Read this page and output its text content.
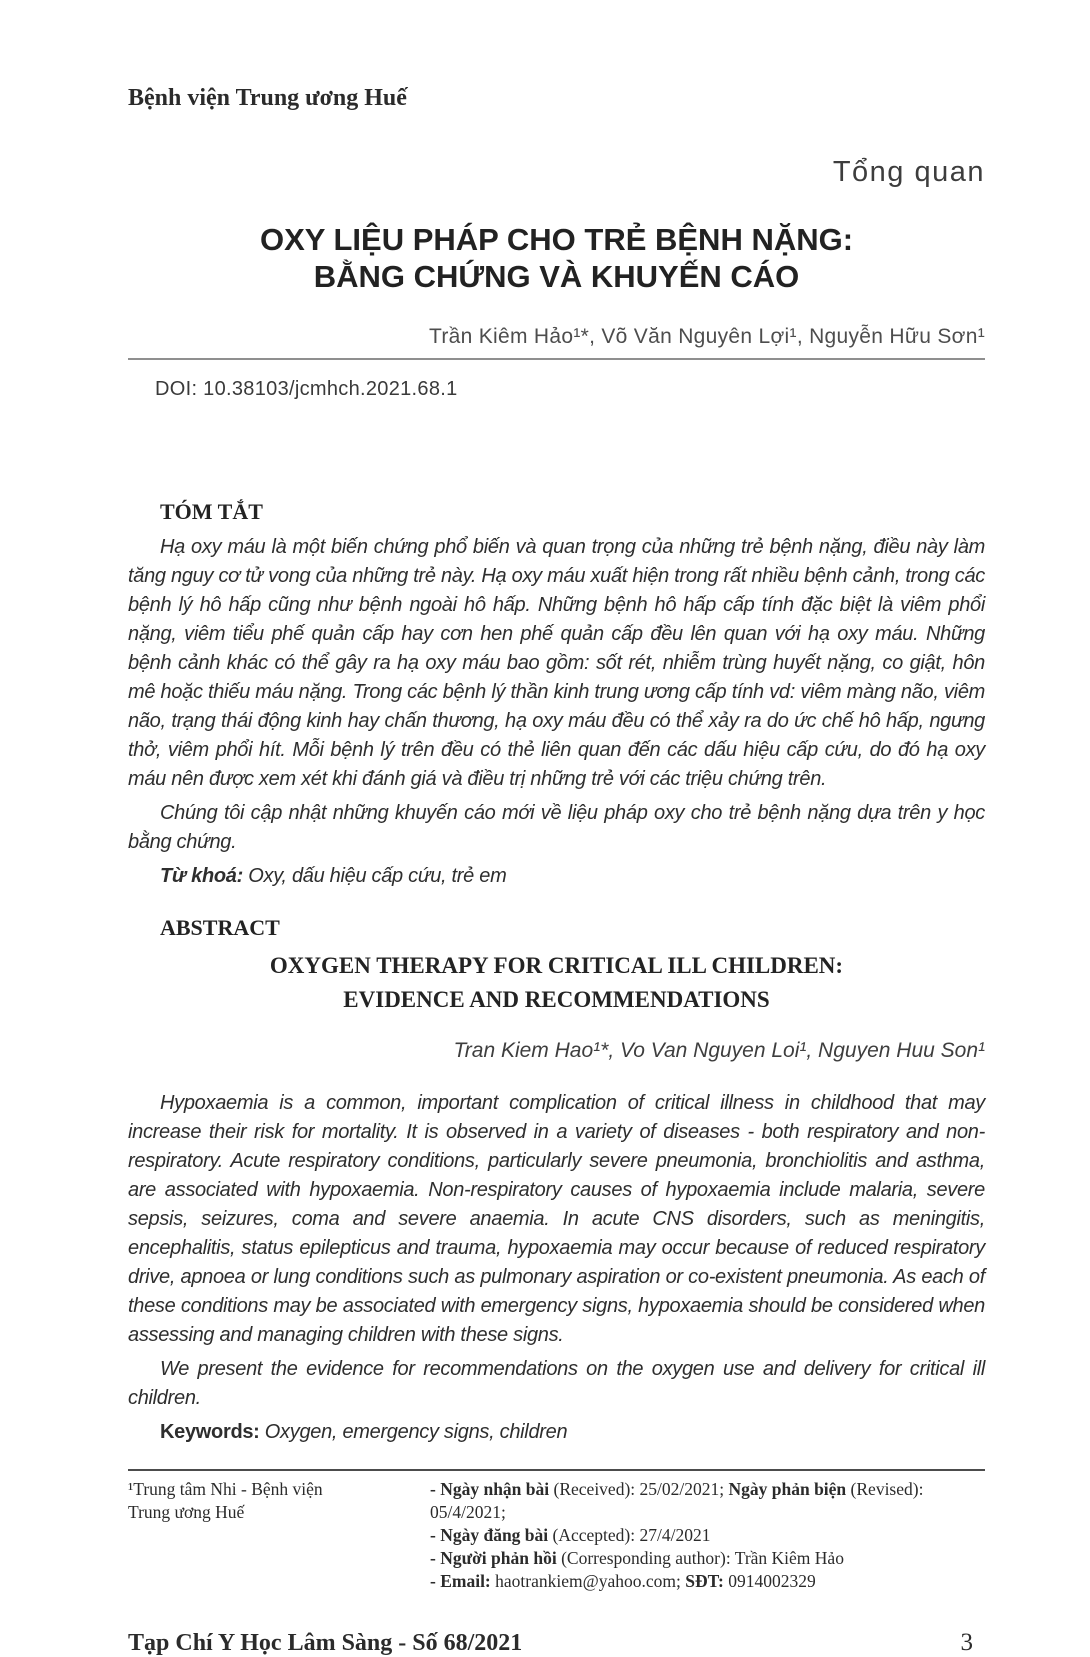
Bệnh viện Trung ương Huế
Tổng quan
OXY LIỆU PHÁP CHO TRẺ BỆNH NẶNG:
BẰNG CHỨNG VÀ KHUYẾN CÁO
Trần Kiêm Hảo¹*, Võ Văn Nguyên Lợi¹, Nguyễn Hữu Sơn¹
DOI: 10.38103/jcmhch.2021.68.1
TÓM TẮT

Hạ oxy máu là một biến chứng phổ biến và quan trọng của những trẻ bệnh nặng, điều này làm tăng nguy cơ tử vong của những trẻ này. Hạ oxy máu xuất hiện trong rất nhiều bệnh cảnh, trong các bệnh lý hô hấp cũng như bệnh ngoài hô hấp. Những bệnh hô hấp cấp tính đặc biệt là viêm phổi nặng, viêm tiểu phế quản cấp hay cơn hen phế quản cấp đều lên quan với hạ oxy máu. Những bệnh cảnh khác có thể gây ra hạ oxy máu bao gồm: sốt rét, nhiễm trùng huyết nặng, co giật, hôn mê hoặc thiếu máu nặng. Trong các bệnh lý thần kinh trung ương cấp tính vd: viêm màng não, viêm não, trạng thái động kinh hay chấn thương, hạ oxy máu đều có thể xảy ra do ức chế hô hấp, ngưng thở, viêm phổi hít. Mỗi bệnh lý trên đều có thẻ liên quan đến các dấu hiệu cấp cứu, do đó hạ oxy máu nên được xem xét khi đánh giá và điều trị những trẻ với các triệu chứng trên.

Chúng tôi cập nhật những khuyến cáo mới về liệu pháp oxy cho trẻ bệnh nặng dựa trên y học bằng chứng.

Từ khoá: Oxy, dấu hiệu cấp cứu, trẻ em

ABSTRACT
OXYGEN THERAPY FOR CRITICAL ILL CHILDREN:
EVIDENCE AND RECOMMENDATIONS
Tran Kiem Hao¹*, Vo Van Nguyen Loi¹, Nguyen Huu Son¹

Hypoxaemia is a common, important complication of critical illness in childhood that may increase their risk for mortality. It is observed in a variety of diseases - both respiratory and non-respiratory. Acute respiratory conditions, particularly severe pneumonia, bronchiolitis and asthma, are associated with hypoxaemia. Non-respiratory causes of hypoxaemia include malaria, severe sepsis, seizures, coma and severe anaemia. In acute CNS disorders, such as meningitis, encephalitis, status epilepticus and trauma, hypoxaemia may occur because of reduced respiratory drive, apnoea or lung conditions such as pulmonary aspiration or co-existent pneumonia. As each of these conditions may be associated with emergency signs, hypoxaemia should be considered when assessing and managing children with these signs.

We present the evidence for recommendations on the oxygen use and delivery for critical ill children.

Keywords: Oxygen, emergency signs, children

¹Trung tâm Nhi - Bệnh viện
Trung ương Huế
- Ngày nhận bài (Received): 25/02/2021; Ngày phản biện (Revised): 05/4/2021;
- Ngày đăng bài (Accepted): 27/4/2021
- Người phản hồi (Corresponding author): Trần Kiêm Hảo
- Email: haotrankiem@yahoo.com; SĐT: 0914002329
Tạp Chí Y Học Lâm Sàng - Số 68/2021	3
